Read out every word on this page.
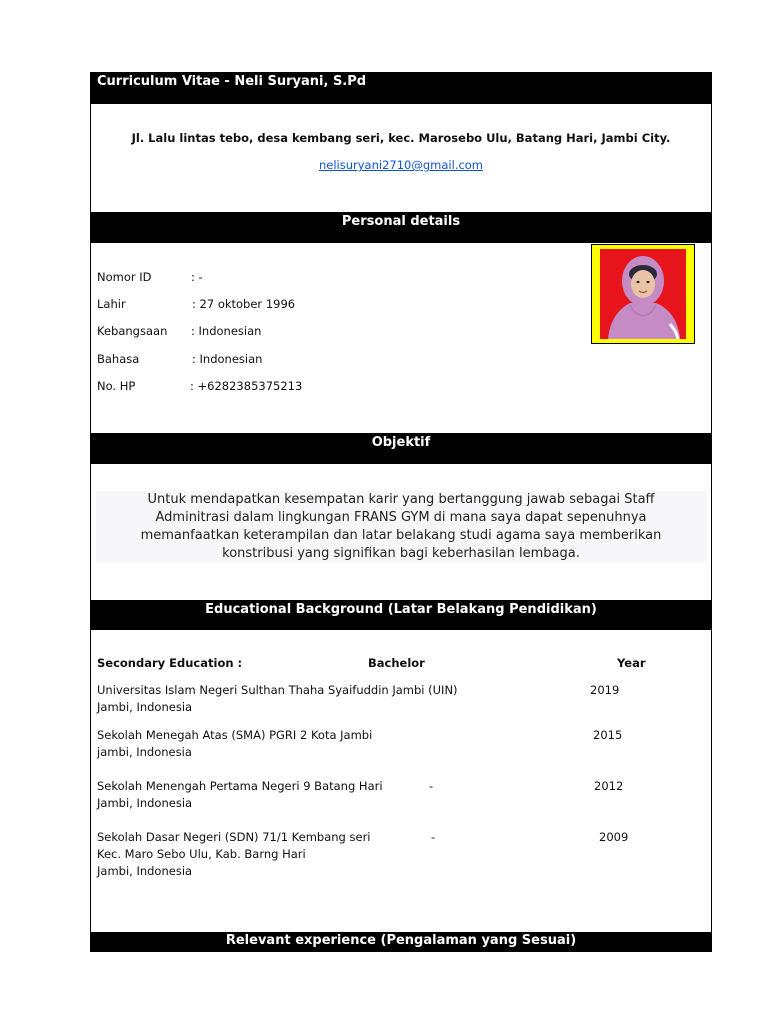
Curriculum Vitae - Neli Suryani, S.Pd
Jl. Lalu lintas tebo, desa kembang seri, kec. Marosebo Ulu, Batang Hari, Jambi City.
nelisuryani2710@gmail.com
Personal details
Nomor ID	: -
Lahir	: 27 oktober 1996
Kebangsaan : Indonesian
Bahasa	: Indonesian
No. HP	: +6282385375213
Objektif
Untuk mendapatkan kesempatan karir yang bertanggung jawab sebagai Staff
Adminitrasi dalam lingkungan FRANS GYM di mana saya dapat sepenuhnya
memanfaatkan keterampilan dan latar belakang studi agama saya memberikan
konstribusi yang signifikan bagi keberhasilan lembaga.
Educational Background (Latar Belakang Pendidikan)
Secondary Education :	Bachelor	Year
Universitas Islam Negeri Sulthan Thaha Syaifuddin Jambi (UIN)
Jambi, Indonesia
2019
Sekolah Menegah Atas (SMA) PGRI 2 Kota Jambi
jambi, Indonesia
2015
Sekolah Menengah Pertama Negeri 9 Batang Hari
Jambi, Indonesia
-	2012
Sekolah Dasar Negeri (SDN) 71/1 Kembang seri
Kec. Maro Sebo Ulu, Kab. Barng Hari
Jambi, Indonesia
-	2009
Relevant experience (Pengalaman yang Sesuai)
